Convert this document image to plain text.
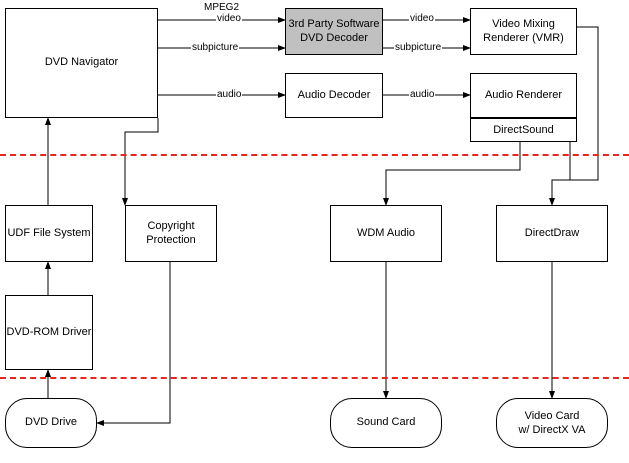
DVD Navigator
3rd Party Software
DVD Decoder
Video Mixing
Renderer (VMR)
Audio Decoder	Audio Renderer
DirectSound
UDF File System
Copyright
Protection
WDM Audio	DirectDraw
DVD-ROM Driver
DVD Drive	Sound Card
Video Card
w/ DirectX VA
MPEG2
video
subpicture
audio
video
subpicture
audio
